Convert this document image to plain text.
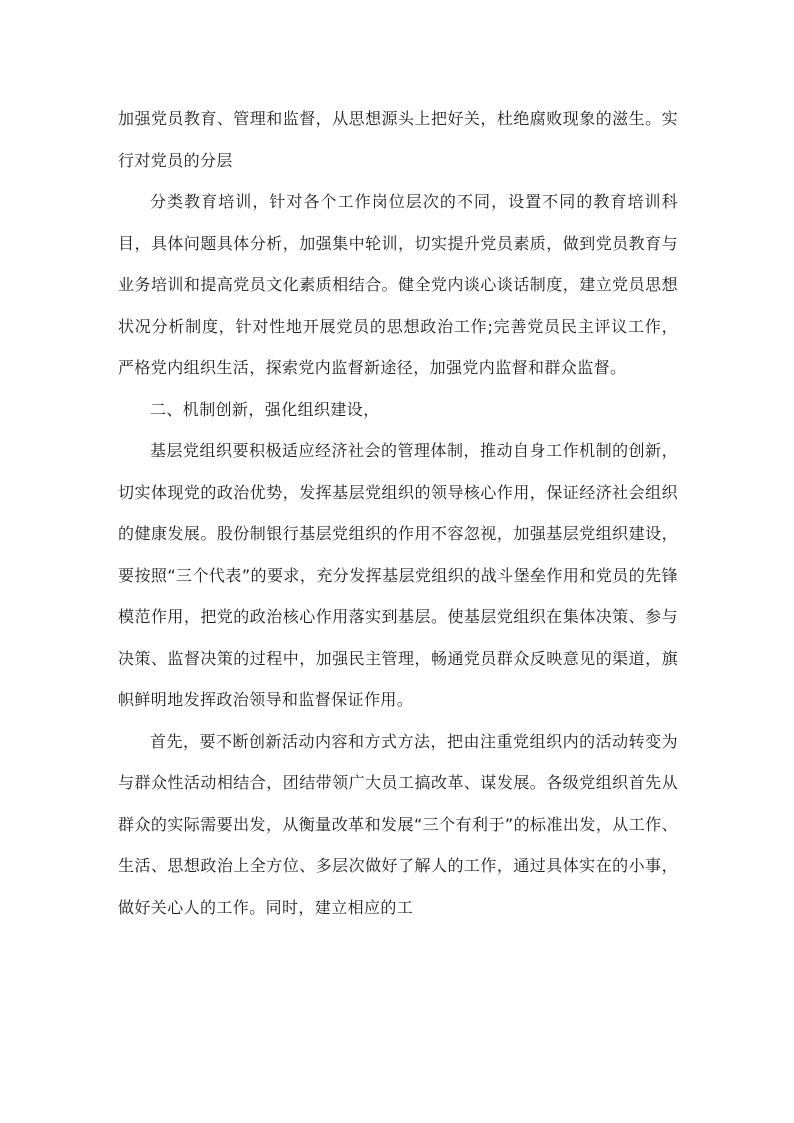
加强党员教育、管理和监督，从思想源头上把好关，杜绝腐败现象的滋生。实行对党员的分层

分类教育培训，针对各个工作岗位层次的不同，设置不同的教育培训科目，具体问题具体分析，加强集中轮训，切实提升党员素质，做到党员教育与业务培训和提高党员文化素质相结合。健全党内谈心谈话制度，建立党员思想状况分析制度，针对性地开展党员的思想政治工作;完善党员民主评议工作，严格党内组织生活，探索党内监督新途径，加强党内监督和群众监督。

二、机制创新，强化组织建设，

基层党组织要积极适应经济社会的管理体制，推动自身工作机制的创新，切实体现党的政治优势，发挥基层党组织的领导核心作用，保证经济社会组织的健康发展。股份制银行基层党组织的作用不容忽视，加强基层党组织建设，要按照“三个代表”的要求，充分发挥基层党组织的战斗堡垒作用和党员的先锋模范作用，把党的政治核心作用落实到基层。使基层党组织在集体决策、参与决策、监督决策的过程中，加强民主管理，畅通党员群众反映意见的渠道，旗帜鲜明地发挥政治领导和监督保证作用。

首先，要不断创新活动内容和方式方法，把由注重党组织内的活动转变为与群众性活动相结合，团结带领广大员工搞改革、谋发展。各级党组织首先从群众的实际需要出发，从衡量改革和发展“三个有利于”的标准出发，从工作、生活、思想政治上全方位、多层次做好了解人的工作，通过具体实在的小事，做好关心人的工作。同时，建立相应的工
